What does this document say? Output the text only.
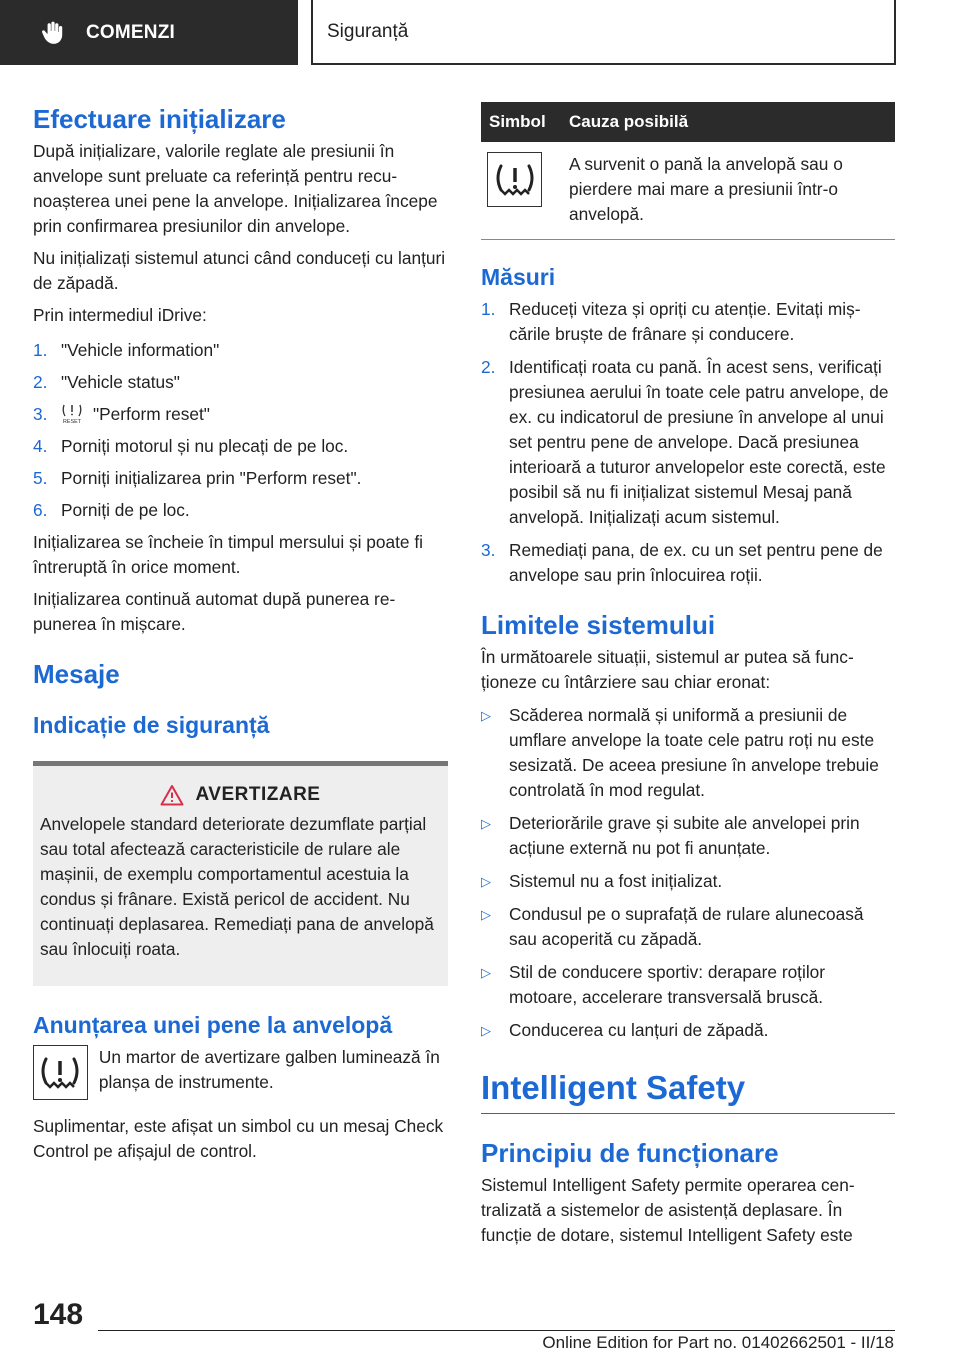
COMENZI	Siguranță
Efectuare inițializare

După inițializare, valorile reglate ale presiunii în anvelope sunt preluate ca referință pentru recunoașterea unei pene la anvelope. Inițializarea începe prin confirmarea presiunilor din anvelope.

Nu inițializați sistemul atunci când conduceți cu lanțuri de zăpadă.

Prin intermediul iDrive:

1. "Vehicle information"
2. "Vehicle status"
3.	RESET "Perform reset"
4. Porniți motorul și nu plecați de pe loc.
5. Porniți inițializarea prin "Perform reset".
6. Porniți de pe loc.

Inițializarea se încheie în timpul mersului și poate fi întreruptă în orice moment.

Inițializarea continuă automat după punerea repunerea în mișcare.

Mesaje
Indicație de siguranță
AVERTIZARE

Anvelopele standard deteriorate dezumflate parțial sau total afectează caracteristicile de rulare ale mașinii, de exemplu comportamentul acestuia la condus și frânare. Există pericol de accident. Nu continuați deplasarea. Remediați pana de anvelopă sau înlocuiți roata.

Anunțarea unei pene la anvelopă

Un martor de avertizare galben luminează în planșa de instrumente.

Suplimentar, este afișat un simbol cu un mesaj Check Control pe afișajul de control.

Simbol	Cauza posibilă

	A survenit o pană la anvelopă sau o pierdere mai mare a presiunii într-o anvelopă.
Măsuri
1. Reduceți viteza și opriți cu atenție. Evitați mișcările bruște de frânare și conducere.
2. Identificați roata cu pană. În acest sens, verificați presiunea aerului în toate cele patru anvelope, de ex. cu indicatorul de presiune în anvelope al unui set pentru pene de anvelope. Dacă presiunea interioară a tuturor anvelopelor este corectă, este posibil să nu fi inițializat sistemul Mesaj pană anvelopă. Inițializați acum sistemul.
3. Remediați pana, de ex. cu un set pentru pene de anvelope sau prin înlocuirea roții.
Limitele sistemului

În următoarele situații, sistemul ar putea să funcționeze cu întârziere sau chiar eronat:

▷	Scăderea normală și uniformă a presiunii de umflare anvelope la toate cele patru roți nu este sesizată. De aceea presiune în anvelope trebuie controlată în mod regulat.
▷	Deteriorările grave și subite ale anvelopei prin acțiune externă nu pot fi anunțate.
▷	Sistemul nu a fost inițializat.
▷	Condusul pe o suprafață de rulare alunecoasă sau acoperită cu zăpadă.
▷	Stil de conducere sportiv: derapare roților motoare, accelerare transversală bruscă.
▷	Conducerea cu lanțuri de zăpadă.
Intelligent Safety
Principiu de funcționare

Sistemul Intelligent Safety permite operarea centralizată a sistemelor de asistență deplasare. În funcție de dotare, sistemul Intelligent Safety este

148
Online Edition for Part no. 01402662501 - II/18
